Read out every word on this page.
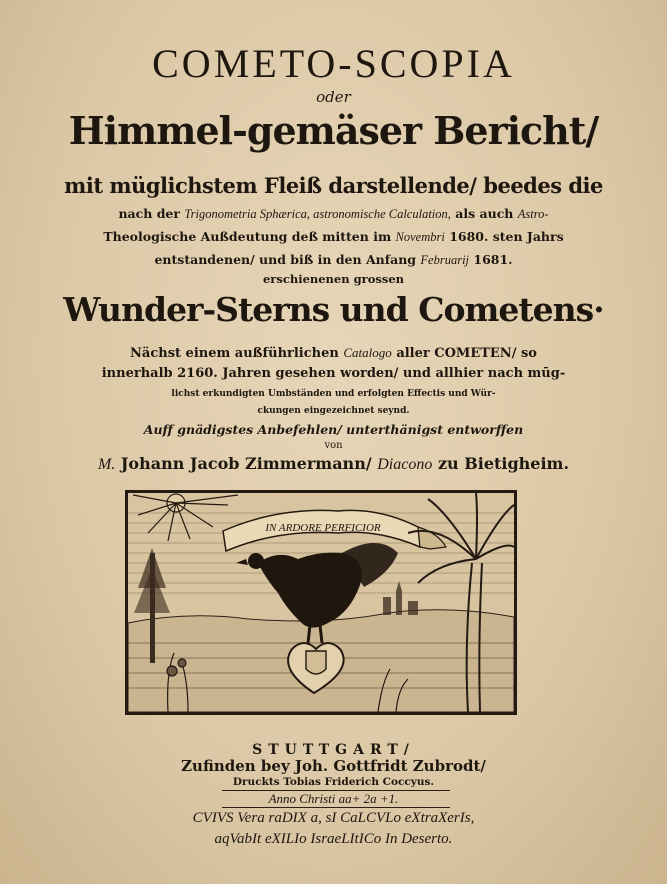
COMETO-SCOPIA
oder
Himmel-gemäser Bericht/
mit müglichstem Fleiß darstellende/ beedes die
nach der Trigonometria Sphærica, astronomische Calculation, als auch Astro-
Theologische Außdeutung deß mitten im Novembri 1680. sten Jahrs
entstandenen/ und biß in den Anfang Februarij 1681.
erschienenen grossen
Wunder-Sterns und Cometens·
Nächst einem außführlichen Catalogo aller COMETEN/ so
innerhalb 2160. Jahren gesehen worden/ und allhier nach mūg-
lichst erkundigten Umbständen und erfolgten Effectis und Wür-
ckungen eingezeichnet seynd.
Auff gnädigstes Anbefehlen/ unterthänigst entworffen
von
M. Johann Jacob Zimmermann/ Diacono zu Bietigheim.
IN ARDORE PERFICIOR
STUTTGART/
Zufinden bey Joh. Gottfridt Zubrodt/
Druckts Tobias Friderich Coccyus.
Anno Christi aa+ 2a +1.
CVIVS Vera raDIX a, sI CaLCVLo eXtraXerIs,
aqVabIt eXILIo IsraeLItICo In Deserto.
